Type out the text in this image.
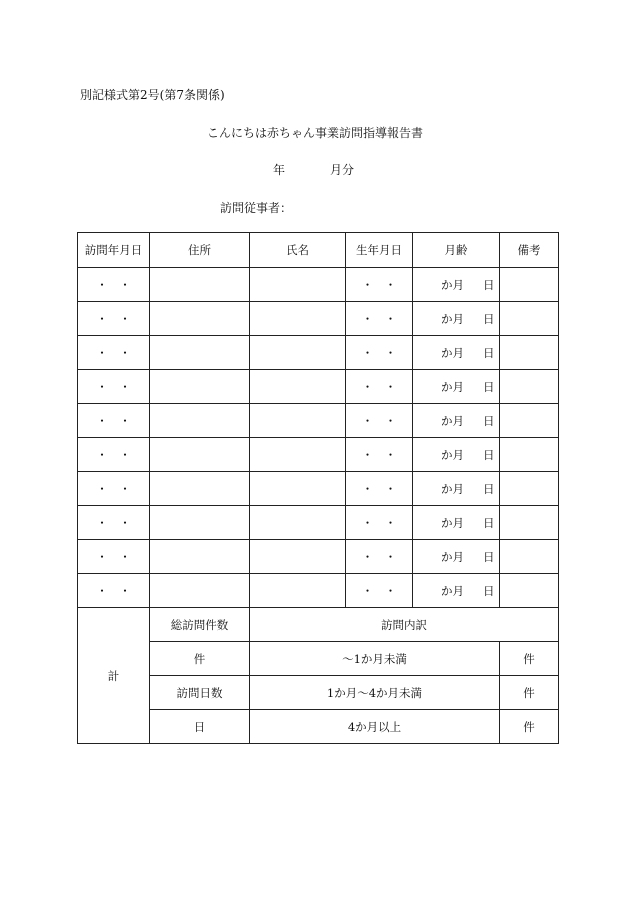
別記様式第2号(第7条関係)
こんにちは赤ちゃん事業訪問指導報告書
年	月分
訪問従事者：
訪問年月日	住所	氏名	生年月日	月齢	備考
・　・			・　・	か月 日	

・　・			・　・	か月 日	

・　・			・　・	か月 日	

・　・			・　・	か月 日	

・　・			・　・	か月 日	

・　・			・　・	か月 日	

・　・			・　・	か月 日	

・　・			・　・	か月 日	

・　・			・　・	か月 日	

・　・			・　・	か月 日	

計	総訪問件数	訪問内訳			
	件	〜1か月未満			件
	訪問日数	1か月〜4か月未満			件
	日	4か月以上			件
